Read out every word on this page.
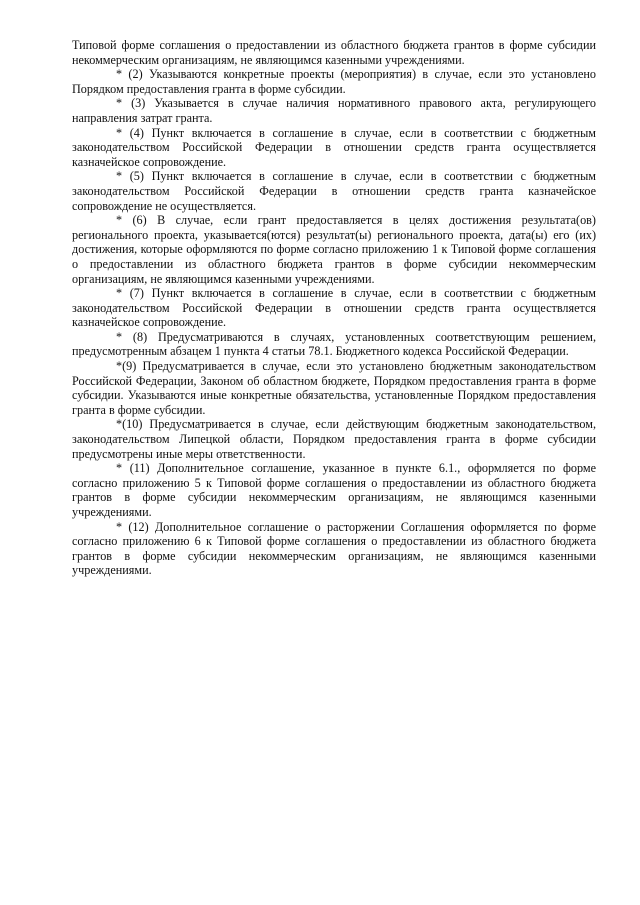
Типовой форме соглашения о предоставлении из областного бюджета грантов в форме субсидии некоммерческим организациям, не являющимся казенными учреждениями.

* (2) Указываются конкретные проекты (мероприятия) в случае, если это установлено Порядком предоставления гранта в форме субсидии.

* (3) Указывается в случае наличия нормативного правового акта, регулирующего направления затрат гранта.

* (4) Пункт включается в соглашение в случае, если в соответствии с бюджетным законодательством Российской Федерации в отношении средств гранта осуществляется казначейское сопровождение.

* (5) Пункт включается в соглашение в случае, если в соответствии с бюджетным законодательством Российской Федерации в отношении средств гранта казначейское сопровождение не осуществляется.

* (6) В случае, если грант предоставляется в целях достижения результата(ов) регионального проекта, указывается(ются) результат(ы) регионального проекта, дата(ы) его (их) достижения, которые оформляются по форме согласно приложению 1 к Типовой форме соглашения о предоставлении из областного бюджета грантов в форме субсидии некоммерческим организациям, не являющимся казенными учреждениями.

* (7) Пункт включается в соглашение в случае, если в соответствии с бюджетным законодательством Российской Федерации в отношении средств гранта осуществляется казначейское сопровождение.

* (8) Предусматриваются в случаях, установленных соответствующим решением, предусмотренным абзацем 1 пункта 4 статьи 78.1. Бюджетного кодекса Российской Федерации.

*(9) Предусматривается в случае, если это установлено бюджетным законодательством Российской Федерации, Законом об областном бюджете, Порядком предоставления гранта в форме субсидии. Указываются иные конкретные обязательства, установленные Порядком предоставления гранта в форме субсидии.

*(10) Предусматривается в случае, если действующим бюджетным законодательством, законодательством Липецкой области, Порядком предоставления гранта в форме субсидии предусмотрены иные меры ответственности.

* (11) Дополнительное соглашение, указанное в пункте 6.1., оформляется по форме согласно приложению 5 к Типовой форме соглашения о предоставлении из областного бюджета грантов в форме субсидии некоммерческим организациям, не являющимся казенными учреждениями.

* (12) Дополнительное соглашение о расторжении Соглашения оформляется по форме согласно приложению 6 к Типовой форме соглашения о предоставлении из областного бюджета грантов в форме субсидии некоммерческим организациям, не являющимся казенными учреждениями.
